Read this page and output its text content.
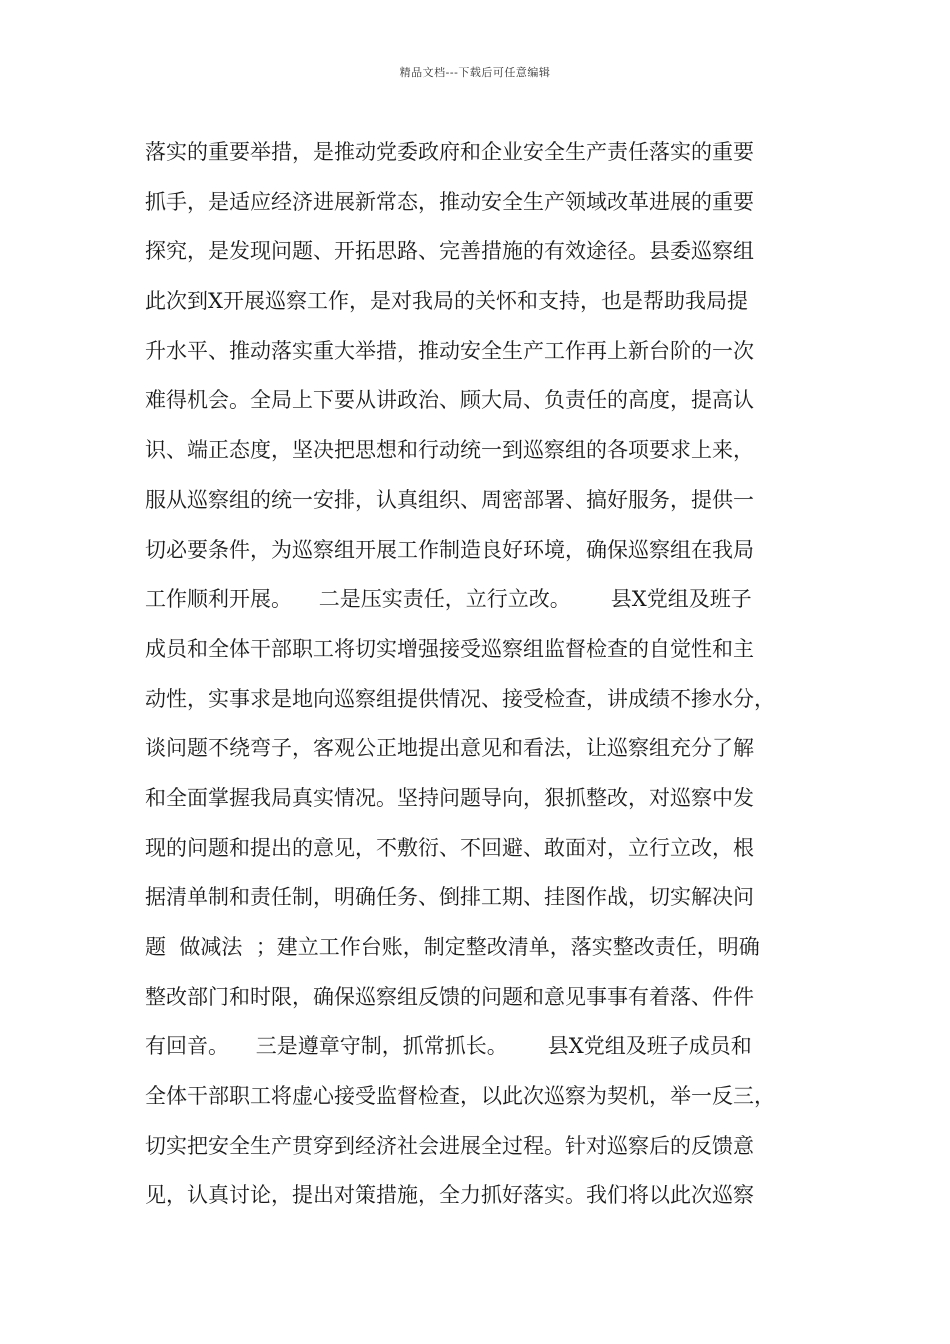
精品文档---下载后可任意编辑
落实的重要举措，是推动党委政府和企业安全生产责任落实的重要
抓手，是适应经济进展新常态，推动安全生产领域改革进展的重要
探究，是发现问题、开拓思路、完善措施的有效途径。县委巡察组
此次到X开展巡察工作，是对我局的关怀和支持，也是帮助我局提
升水平、推动落实重大举措，推动安全生产工作再上新台阶的一次
难得机会。全局上下要从讲政治、顾大局、负责任的高度，提高认
识、端正态度，坚决把思想和行动统一到巡察组的各项要求上来，
服从巡察组的统一安排，认真组织、周密部署、搞好服务，提供一
切必要条件，为巡察组开展工作制造良好环境，确保巡察组在我局
工作顺利开展。    二是压实责任，立行立改。      县X党组及班子
成员和全体干部职工将切实增强接受巡察组监督检查的自觉性和主
动性，实事求是地向巡察组提供情况、接受检查，讲成绩不掺水分，
谈问题不绕弯子，客观公正地提出意见和看法，让巡察组充分了解
和全面掌握我局真实情况。坚持问题导向，狠抓整改，对巡察中发
现的问题和提出的意见，不敷衍、不回避、敢面对，立行立改，根
据清单制和责任制，明确任务、倒排工期、挂图作战，切实解决问
题  做减法  ；建立工作台账，制定整改清单，落实整改责任，明确
整改部门和时限，确保巡察组反馈的问题和意见事事有着落、件件
有回音。    三是遵章守制，抓常抓长。      县X党组及班子成员和
全体干部职工将虚心接受监督检查，以此次巡察为契机，举一反三，
切实把安全生产贯穿到经济社会进展全过程。针对巡察后的反馈意
见，认真讨论，提出对策措施，全力抓好落实。我们将以此次巡察
